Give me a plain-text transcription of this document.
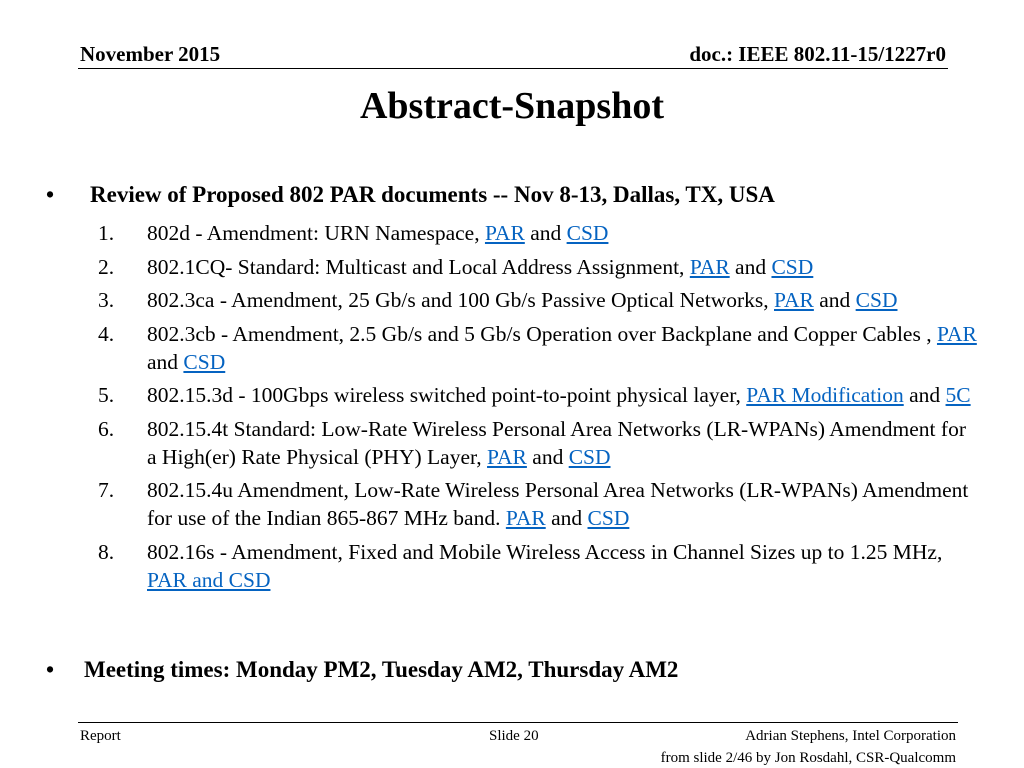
November 2015	doc.: IEEE 802.11-15/1227r0
Abstract-Snapshot
• Review of Proposed 802 PAR documents -- Nov 8-13, Dallas, TX, USA
1. 802d - Amendment: URN Namespace, PAR and CSD
2. 802.1CQ- Standard: Multicast and Local Address Assignment, PAR and CSD
3. 802.3ca - Amendment, 25 Gb/s and 100 Gb/s Passive Optical Networks, PAR and CSD
4. 802.3cb - Amendment, 2.5 Gb/s and 5 Gb/s Operation over Backplane and Copper Cables , PAR and CSD
5. 802.15.3d - 100Gbps wireless switched point-to-point physical layer, PAR Modification and 5C
6. 802.15.4t Standard: Low-Rate Wireless Personal Area Networks (LR-WPANs) Amendment for a High(er) Rate Physical (PHY) Layer, PAR and CSD
7. 802.15.4u Amendment, Low-Rate Wireless Personal Area Networks (LR-WPANs) Amendment for use of the Indian 865-867 MHz band. PAR and CSD
8. 802.16s - Amendment, Fixed and Mobile Wireless Access in Channel Sizes up to 1.25 MHz, PAR and CSD
• Meeting times: Monday PM2, Tuesday AM2, Thursday AM2
Report	Slide 20	Adrian Stephens, Intel Corporation
from slide 2/46 by Jon Rosdahl, CSR-Qualcomm
